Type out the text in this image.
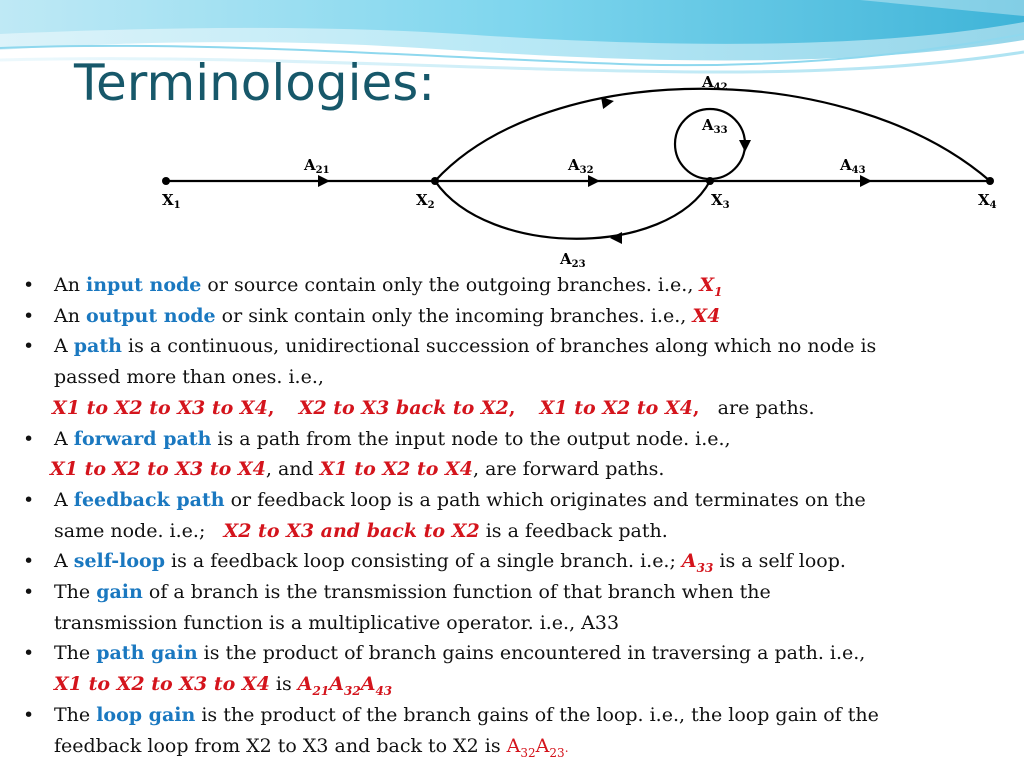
Terminologies:
$A_{21}$	$A_{32}$	$A_{43}$
$A_{42}$
$A_{33}$
$A_{23}$
$X_1$	$X_2$	$X_3$	$X_4$
• An input node or source contain only the outgoing branches. i.e., $X_1$
• An output node or sink contain only the incoming branches. i.e., X4
• A path is a continuous, unidirectional succession of branches along which no node is
passed more than ones. i.e.,
X1 to X2 to X3 to X4, X2 to X3 back to X2, X1 to X2 to X4, are paths.
• A forward path is a path from the input node to the output node. i.e.,
X1 to X2 to X3 to X4, and X1 to X2 to X4, are forward paths.
• A feedback path or feedback loop is a path which originates and terminates on the
same node. i.e.; X2 to X3 and back to X2 is a feedback path.
• A self-loop is a feedback loop consisting of a single branch. i.e.; $A_{33}$ is a self loop.
• The gain of a branch is the transmission function of that branch when the
transmission function is a multiplicative operator. i.e., A33
• The path gain is the product of branch gains encountered in traversing a path. i.e.,
X1 to X2 to X3 to X4 is $A_{21}A_{32}A_{43}$
• The loop gain is the product of the branch gains of the loop. i.e., the loop gain of the
feedback loop from X2 to X3 and back to X2 is $A_{32}A_{23}$.
